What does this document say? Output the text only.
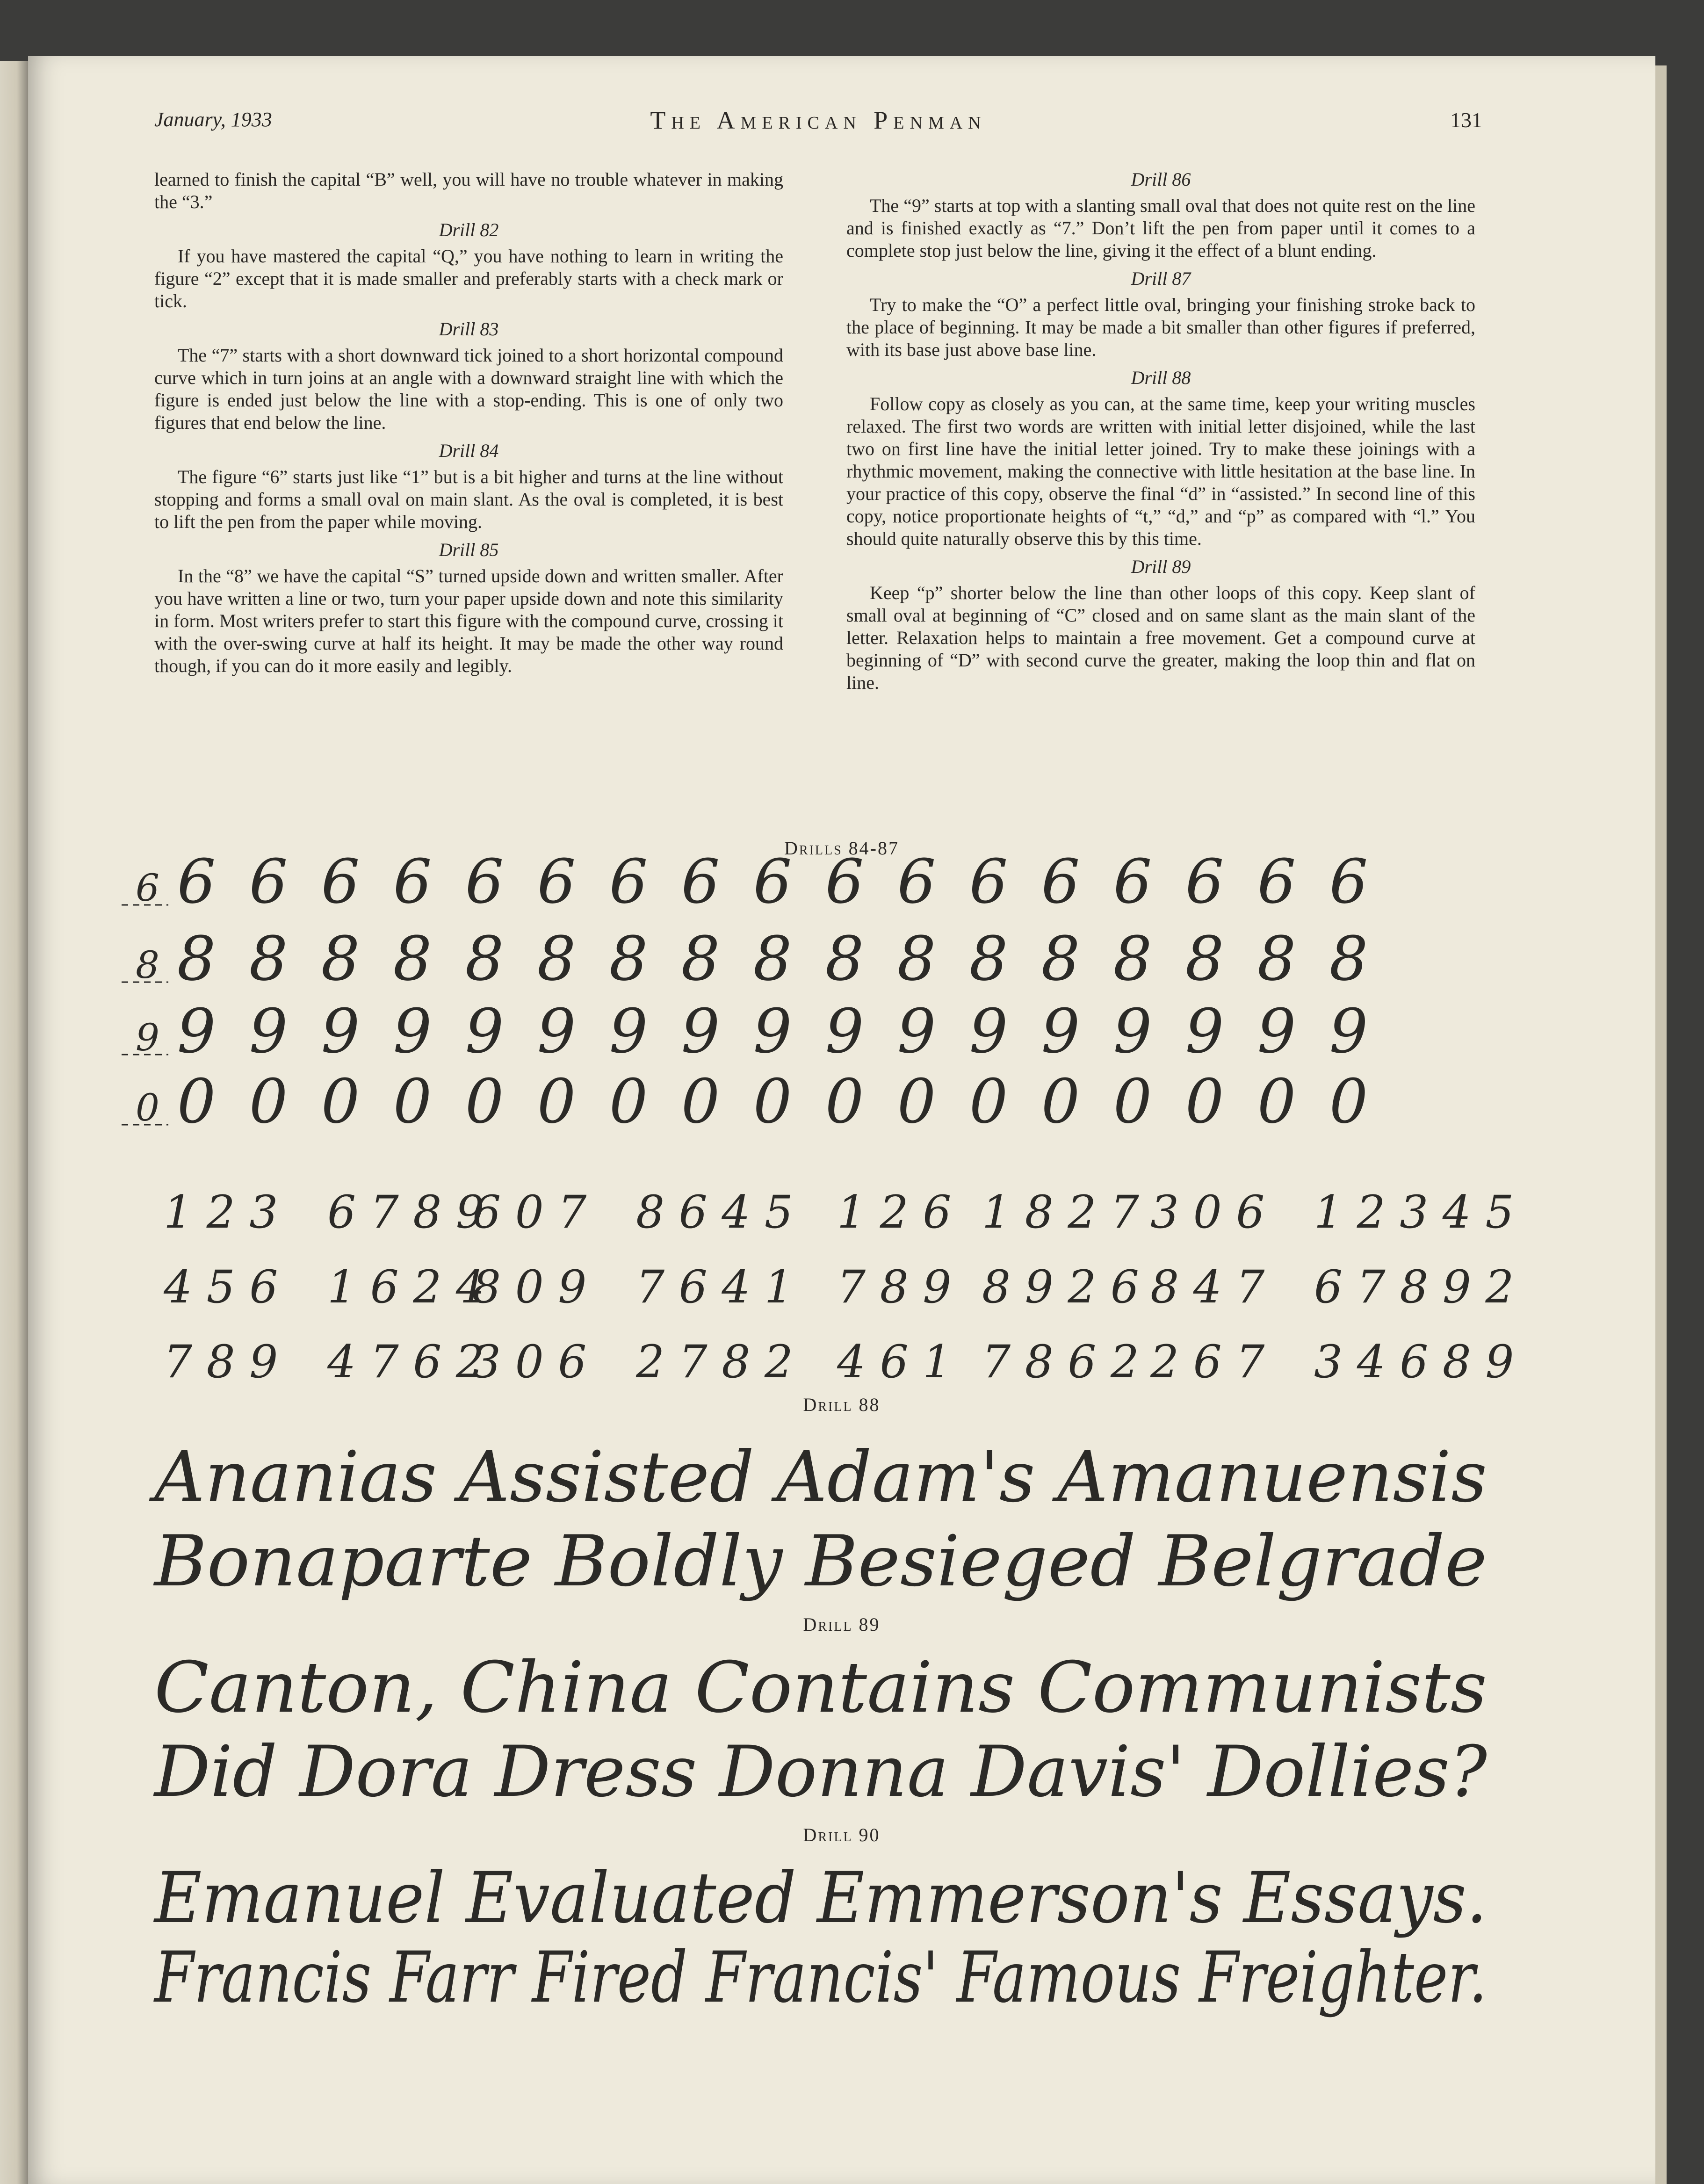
January, 1933	The American Penman	131

learned to finish the capital “B” well, you will have no trouble whatever in making the “3.”

Drill 82

If you have mastered the capital “Q,” you have nothing to learn in writing the figure “2” except that it is made smaller and preferably starts with a check mark or tick.

Drill 83

The “7” starts with a short downward tick joined to a short horizontal compound curve which in turn joins at an angle with a downward straight line with which the figure is ended just below the line with a stop-ending. This is one of only two figures that end below the line.

Drill 84

The figure “6” starts just like “1” but is a bit higher and turns at the line without stopping and forms a small oval on main slant. As the oval is completed, it is best to lift the pen from the paper while moving.

Drill 85

In the “8” we have the capital “S” turned upside down and written smaller. After you have written a line or two, turn your paper upside down and note this similarity in form. Most writers prefer to start this figure with the compound curve, crossing it with the over-swing curve at half its height. It may be made the other way round though, if you can do it more easily and legibly.

Drill 86

The “9” starts at top with a slanting small oval that does not quite rest on the line and is finished exactly as “7.” Don’t lift the pen from paper until it comes to a complete stop just below the line, giving it the effect of a blunt ending.

Drill 87

Try to make the “O” a perfect little oval, bringing your finishing stroke back to the place of beginning. It may be made a bit smaller than other figures if preferred, with its base just above base line.

Drill 88

Follow copy as closely as you can, at the same time, keep your writing muscles relaxed. The first two words are written with initial letter disjoined, while the last two on first line have the initial letter joined. Try to make these joinings with a rhythmic movement, making the connective with little hesitation at the base line. In your practice of this copy, observe the final “d” in “assisted.” In second line of this copy, notice proportionate heights of “t,” “d,” and “p” as compared with “l.” You should quite naturally observe this by this time.

Drill 89

Keep “p” shorter below the line than other loops of this copy. Keep slant of small oval at beginning of “C” closed and on same slant as the main slant of the letter. Relaxation helps to maintain a free movement. Get a compound curve at beginning of “D” with second curve the greater, making the loop thin and flat on line.

Drills 84-87
Drill 88
Drill 89
Drill 90
6 6 6 6 6 6 6 6 6 6 6 6 6 6 6 6 6 6
8 8 8 8 8 8 8 8 8 8 8 8 8 8 8 8 8 8
9 9 9 9 9 9 9 9 9 9 9 9 9 9 9 9 9 9
0 0 0 0 0 0 0 0 0 0 0 0 0 0 0 0 0 0
1 2 3 6 7 8 9
6 0 7 8 6 4 5 1 2 6 1 8 2 7 3 0 6 1 2 3 4 5
4 5 6 1 6 2 4
8 0 9 7 6 4 1 7 8 9 8 9 2 6 8 4 7 6 7 8 9 2
7 8 9 4 7 6 2
3 0 6 2 7 8 2 4 6 1 7 8 6 2 2 6 7 3 4 6 8 9
Ananias Assisted Adam's Amanuensis
Bonaparte Boldly Besieged Belgrade
Canton, China Contains Communists
Did Dora Dress Donna Davis' Dollies?
Emanuel Evaluated Emmerson's Essays.
Francis Farr Fired Francis' Famous Freighter.
